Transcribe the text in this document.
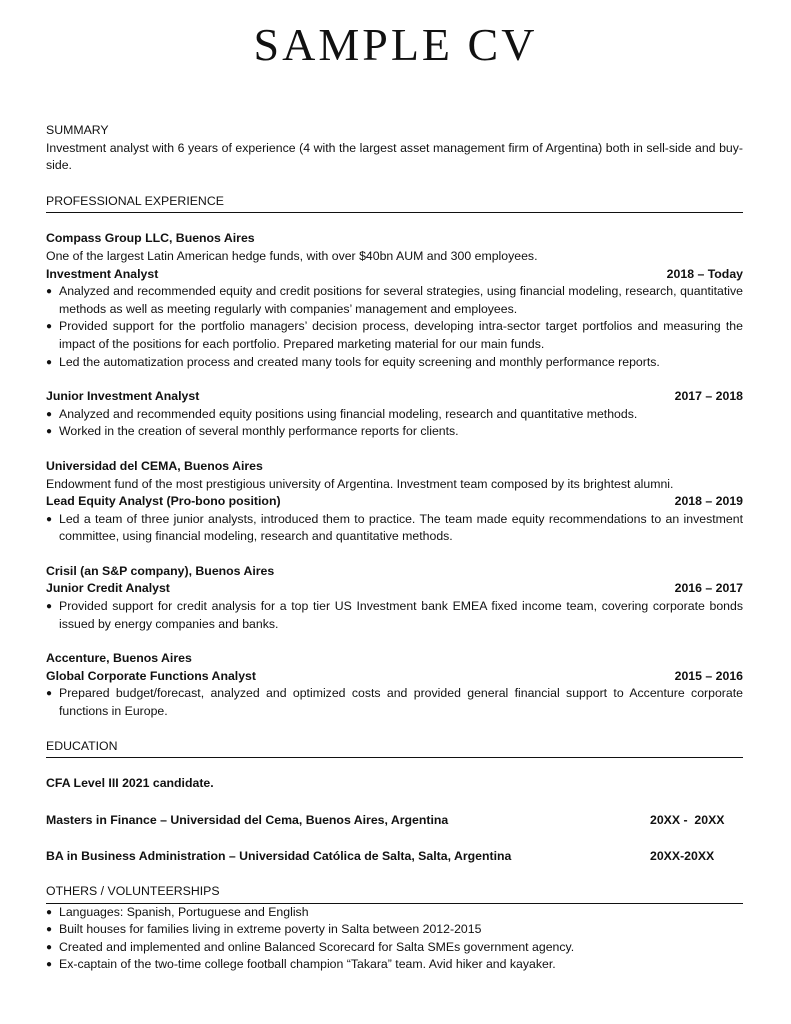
SAMPLE CV
SUMMARY

Investment analyst with 6 years of experience (4 with the largest asset management firm of Argentina) both in sell-side and buy-side.

PROFESSIONAL EXPERIENCE

Compass Group LLC, Buenos Aires

One of the largest Latin American hedge funds, with over $40bn AUM and 300 employees.

Investment Analyst	2018 – Today
● Analyzed and recommended equity and credit positions for several strategies, using financial modeling, research, quantitative methods as well as meeting regularly with companies’ management and employees.
● Provided support for the portfolio managers’ decision process, developing intra-sector target portfolios and measuring the impact of the positions for each portfolio. Prepared marketing material for our main funds.
● Led the automatization process and created many tools for equity screening and monthly performance reports.
Junior Investment Analyst	2017 – 2018
● Analyzed and recommended equity positions using financial modeling, research and quantitative methods.
● Worked in the creation of several monthly performance reports for clients.

Universidad del CEMA, Buenos Aires

Endowment fund of the most prestigious university of Argentina. Investment team composed by its brightest alumni.

Lead Equity Analyst (Pro-bono position)	2018 – 2019
● Led a team of three junior analysts, introduced them to practice. The team made equity recommendations to an investment committee, using financial modeling, research and quantitative methods.

Crisil (an S&P company), Buenos Aires

Junior Credit Analyst	2016 – 2017
● Provided support for credit analysis for a top tier US Investment bank EMEA fixed income team, covering corporate bonds issued by energy companies and banks.

Accenture, Buenos Aires

Global Corporate Functions Analyst	2015 – 2016
● Prepared budget/forecast, analyzed and optimized costs and provided general financial support to Accenture corporate functions in Europe.
EDUCATION

CFA Level III 2021 candidate.

Masters in Finance – Universidad del Cema, Buenos Aires, Argentina	20XX -  20XX
BA in Business Administration – Universidad Católica de Salta, Salta, Argentina	20XX-20XX
OTHERS / VOLUNTEERSHIPS
● Languages: Spanish, Portuguese and English
● Built houses for families living in extreme poverty in Salta between 2012-2015
● Created and implemented and online Balanced Scorecard for Salta SMEs government agency.
● Ex-captain of the two-time college football champion “Takara” team. Avid hiker and kayaker.
